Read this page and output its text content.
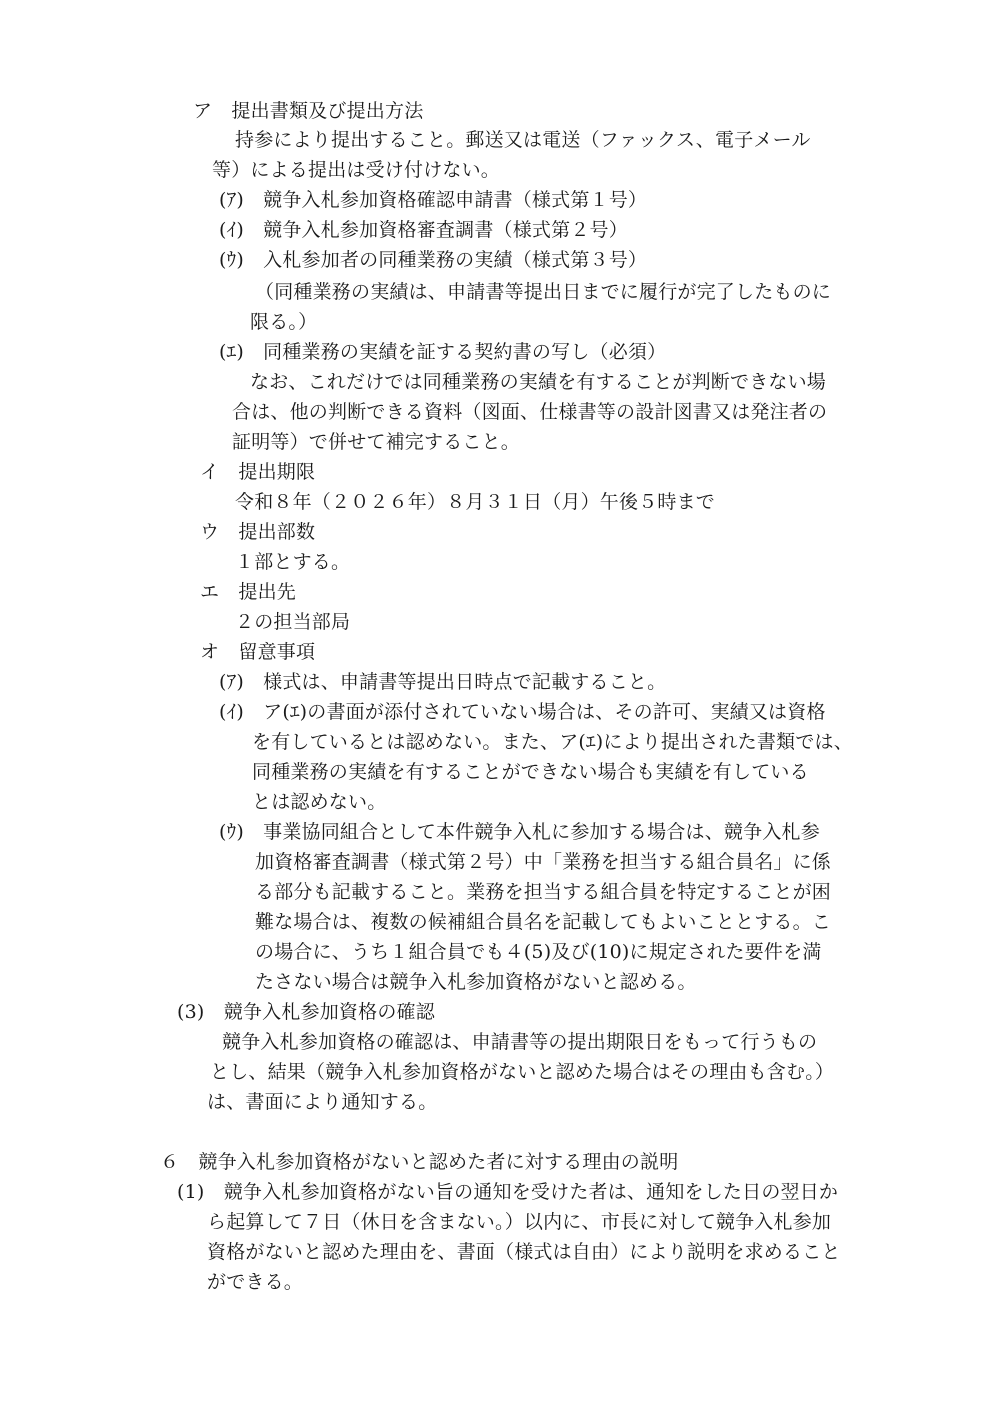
ア　提出書類及び提出方法
持参により提出すること。郵送又は電送（ファックス、電子メール
等）による提出は受け付けない。
(ｱ)　競争入札参加資格確認申請書（様式第１号）
(ｲ)　競争入札参加資格審査調書（様式第２号）
(ｳ)　入札参加者の同種業務の実績（様式第３号）
（同種業務の実績は、申請書等提出日までに履行が完了したものに
限る。）
(ｴ)　同種業務の実績を証する契約書の写し（必須）
なお、これだけでは同種業務の実績を有することが判断できない場
合は、他の判断できる資料（図面、仕様書等の設計図書又は発注者の
証明等）で併せて補完すること。
イ　提出期限
令和８年（２０２６年）８月３１日（月）午後５時まで
ウ　提出部数
１部とする。
エ　提出先
２の担当部局
オ　留意事項
(ｱ)　様式は、申請書等提出日時点で記載すること。
(ｲ)　ア(ｴ)の書面が添付されていない場合は、その許可、実績又は資格
を有しているとは認めない。また、ア(ｴ)により提出された書類では、
同種業務の実績を有することができない場合も実績を有している
とは認めない。
(ｳ)　事業協同組合として本件競争入札に参加する場合は、競争入札参
加資格審査調書（様式第２号）中「業務を担当する組合員名」に係
る部分も記載すること。業務を担当する組合員を特定することが困
難な場合は、複数の候補組合員名を記載してもよいこととする。こ
の場合に、うち１組合員でも４(5)及び(10)に規定された要件を満
たさない場合は競争入札参加資格がないと認める。
(3)　競争入札参加資格の確認
競争入札参加資格の確認は、申請書等の提出期限日をもって行うもの
とし、結果（競争入札参加資格がないと認めた場合はその理由も含む。）
は、書面により通知する。
６　競争入札参加資格がないと認めた者に対する理由の説明
(1)　競争入札参加資格がない旨の通知を受けた者は、通知をした日の翌日か
ら起算して７日（休日を含まない。）以内に、市長に対して競争入札参加
資格がないと認めた理由を、書面（様式は自由）により説明を求めること
ができる。
